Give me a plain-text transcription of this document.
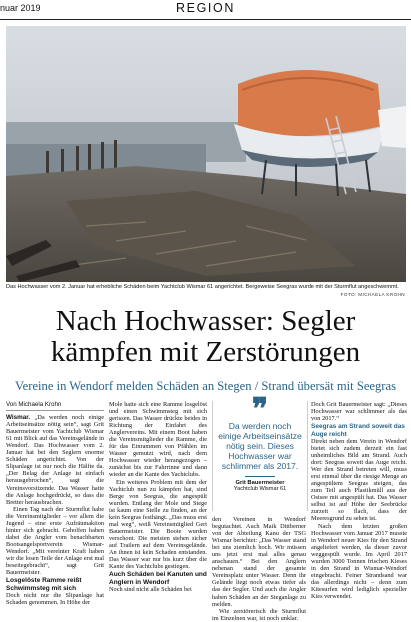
nuar 2019	REGION
Das Hochwasser vom 2. Januar hat erhebliche Schäden beim Yachtclub Wismar 61 angerichtet. Bergeweise Seegras wurde mit der Sturmflut angeschwemmt.
FOTO: MICHAELA KROHN
Nach Hochwasser: Segler
kämpfen mit Zerstörungen
Vereine in Wendorf melden Schäden an Stegen / Strand übersät mit Seegras
Von Michaela Krohn

Wismar. „Da werden noch einige Arbeitseinsätze nötig sein“, sagt Grit Bauermeister vom Yachtclub Wismar 61 mit Blick auf das Vereinsgelände in Wendorf. Das Hochwasser vom 2. Januar hat bei den Seglern enorme Schäden angerichtet. Von der Slipanlage ist nur noch die Hälfte da. „Der Belag der Anlage ist einfach herausgebrochen“, sagt die Vereinsvorsitzende. Das Wasser hatte die Anlage hochgedrückt, so dass die Bretter herausbrachen.

Einen Tag nach der Sturmflut habe die Vereinsmitglieder – vor allem die Jugend – eine erste Aufräumaktion hinter sich gebracht. Geholfen haben dabei die Angler vom benachbarten Bootsangelsportverein Wismar-Wendorf. „Mit vereinter Kraft haben wir die losen Teile der Anlage erst mal beseitegebracht“, sagt Grit Bauermeister.

Losgelöste Ramme reißt Schwimmsteg mit sich

Doch nicht nur die Slipanlage hat Schaden genommen. In Höhe der

Mole hatte sich eine Ramme losgelöst und einen Schwimmsteg mit sich gerissen. Das Wasser drückte beides in Richtung der Einfahrt des Anglervereins. Mit einem Boot haben die Vereinsmitglieder die Ramme, die für das Einrammen von Pfählen im Wasser gemutzt wird, nach dem Hochwasser wieder herangezogen – zunächst bis zur Fahrrinne und dann wieder an die Kante des Yachtclubs.

Ein weiteres Problem mit dem der Yachtclub nun zu kämpfen hat, sind Berge von Seegras, die angespült wurden. Entlang der Mole und Stege ist kaum eine Stelle zu finden, an der kein Seegras festhängt. „Das muss erst mal weg“, weiß Vereinsmitglied Gert Bauermeister. Die Boote wurden verschont. Die meisten stehen sicher auf Trailern auf dem Vereinsgelände. An ihnen ist kein Schaden entstanden. Das Wasser war nur bis kurz über die Kante des Yachtclubs gestiegen.

Auch Schäden bei Kanuten und Anglern in Wendorf

Noch sind nicht alle Schäden bei

❞
Da werden noch einige Arbeitseinsätze nötig sein. Dieses Hochwasser war schlimmer als 2017.
Grit Bauermeister
Yachtclub Wismar 61

den Vereinen in Wendorf begutachtet. Auch Maik Dittberner von der Abteilung Kanu der TSG Wismar berichtet: „Das Wasser stand bei uns ziemlich hoch. Wir müssen uns jetzt erst mal alles genau anschauen.“ Bei den Anglern nebenan stand der gesamte Vereinsplatz unter Wasser. Denn ihr Gelände liegt noch etwas tiefer als das der Segler. Und auch die Angler haben Schäden an der Steganlage zu melden.

Wie zerstörerisch die Sturmflut im Einzelnen war, ist noch unklar.

Doch Grit Bauermeister sagt: „Dieses Hochwasser war schlimmer als das von 2017.“

Seegras am Strand soweit das Auge reicht

Direkt neben dem Verein in Wendorf bietet sich zudem derzeit ein fast unheimliches Bild am Strand. Auch dort: Seegras soweit das Auge reicht. Wer den Strand betreten will, muss erst einmal über die riesige Menge an angespültem Seegras steigen, das zum Teil auch Plastikmüll aus der Ostsee mit angespült hat. Das Wasser selbst ist auf Höhe der Seebrücke zurzeit so flach, dass der Meeresgrund zu sehen ist.

Nach dem letzten großen Hochwasser vom Januar 2017 musste in Wendorf neuer Kies für den Strand angeliefert werden, da dieser zuvor weggespült wurde. Im April 2017 wurden 3000 Tonnen frischen Kieses in den Strand in Wismar-Wendorf eingebracht. Feiner Strandsand war das allerdings nicht – denn zum Kitesurfen wird lediglich spezieller Kies verwendet.
